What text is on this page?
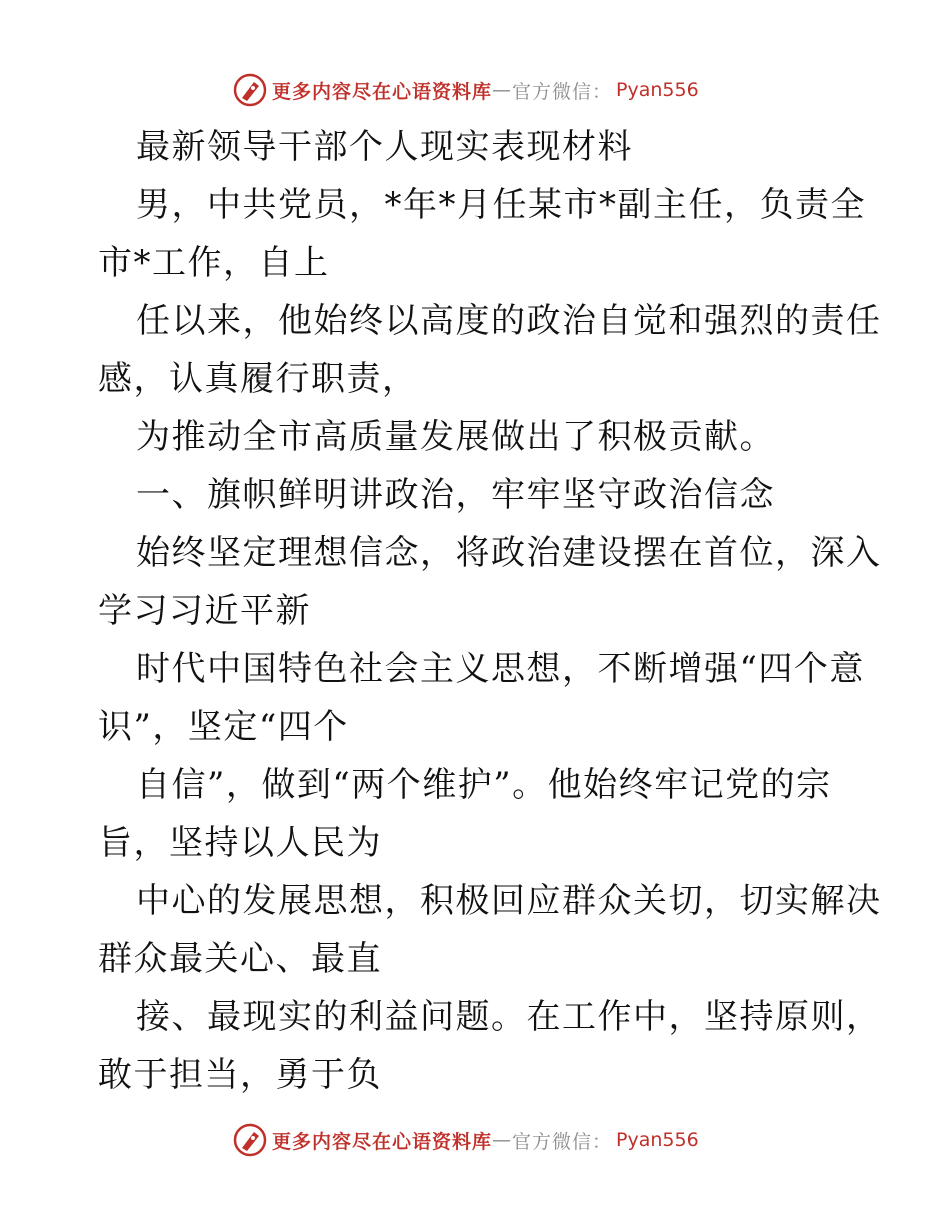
更多内容尽在心语资料库 — 官方微信： Pyan556
最新领导干部个人现实表现材料
男，中共党员，*年*月任某市*副主任，负责全
市*工作，自上
任以来，他始终以高度的政治自觉和强烈的责任
感，认真履行职责，
为推动全市高质量发展做出了积极贡献。
一、旗帜鲜明讲政治，牢牢坚守政治信念
始终坚定理想信念，将政治建设摆在首位，深入
学习习近平新
时代中国特色社会主义思想，不断增强“四个意
识”，坚定“四个
自信”，做到“两个维护”。他始终牢记党的宗
旨，坚持以人民为
中心的发展思想，积极回应群众关切，切实解决
群众最关心、最直
接、最现实的利益问题。在工作中，坚持原则，
敢于担当，勇于负
更多内容尽在心语资料库 — 官方微信： Pyan556
